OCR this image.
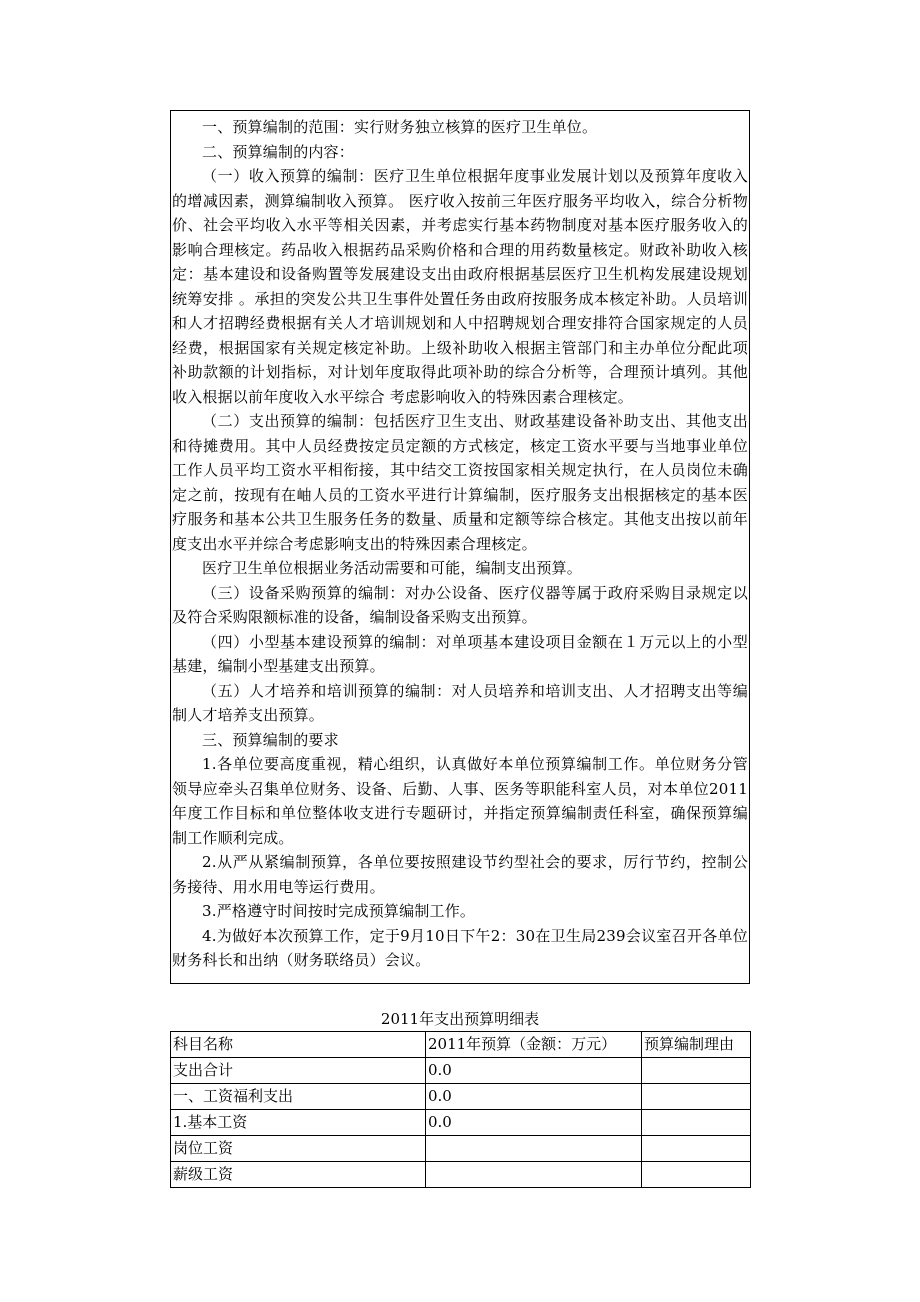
一、预算编制的范围：实行财务独立核算的医疗卫生单位。

二、预算编制的内容：

（一）收入预算的编制：医疗卫生单位根据年度事业发展计划以及预算年度收入的增减因素，测算编制收入预算。 医疗收入按前三年医疗服务平均收入，综合分析物价、社会平均收入水平等相关因素，并考虑实行基本药物制度对基本医疗服务收入的影响合理核定。药品收入根据药品采购价格和合理的用药数量核定。财政补助收入核定：基本建设和设备购置等发展建设支出由政府根据基层医疗卫生机构发展建设规划统筹安排 。承担的突发公共卫生事件处置任务由政府按服务成本核定补助。人员培训和人才招聘经费根据有关人才培训规划和人中招聘规划合理安排符合国家规定的人员经费，根据国家有关规定核定补助。上级补助收入根据主管部门和主办单位分配此项补助款额的计划指标，对计划年度取得此项补助的综合分析等，合理预计填列。其他收入根据以前年度收入水平综合 考虑影响收入的特殊因素合理核定。

（二）支出预算的编制：包括医疗卫生支出、财政基建设备补助支出、其他支出和待摊费用。其中人员经费按定员定额的方式核定，核定工资水平要与当地事业单位工作人员平均工资水平相衔接，其中结交工资按国家相关规定执行，在人员岗位未确定之前，按现有在岫人员的工资水平进行计算编制，医疗服务支出根据核定的基本医疗服务和基本公共卫生服务任务的数量、质量和定额等综合核定。其他支出按以前年度支出水平并综合考虑影响支出的特殊因素合理核定。

医疗卫生单位根据业务活动需要和可能，编制支出预算。

（三）设备采购预算的编制：对办公设备、医疗仪器等属于政府采购目录规定以及符合采购限额标准的设备，编制设备采购支出预算。

（四）小型基本建设预算的编制：对单项基本建设项目金额在１万元以上的小型基建，编制小型基建支出预算。

（五）人才培养和培训预算的编制：对人员培养和培训支出、人才招聘支出等编制人才培养支出预算。

三、预算编制的要求

1.各单位要高度重视，精心组织，认真做好本单位预算编制工作。单位财务分管领导应牵头召集单位财务、设备、后勤、人事、医务等职能科室人员，对本单位2011年度工作目标和单位整体收支进行专题研讨，并指定预算编制责任科室，确保预算编制工作顺利完成。

2.从严从紧编制预算，各单位要按照建设节约型社会的要求，厉行节约，控制公务接待、用水用电等运行费用。

3.严格遵守时间按时完成预算编制工作。

4.为做好本次预算工作，定于9月10日下午2：30在卫生局239会议室召开各单位财务科长和出纳（财务联络员）会议。

2011年支出预算明细表
科目名称	2011年预算（金额：万元）	预算编制理由
支出合计	0.0	
一、工资福利支出	0.0	
1.基本工资	0.0	
岗位工资		
薪级工资		
